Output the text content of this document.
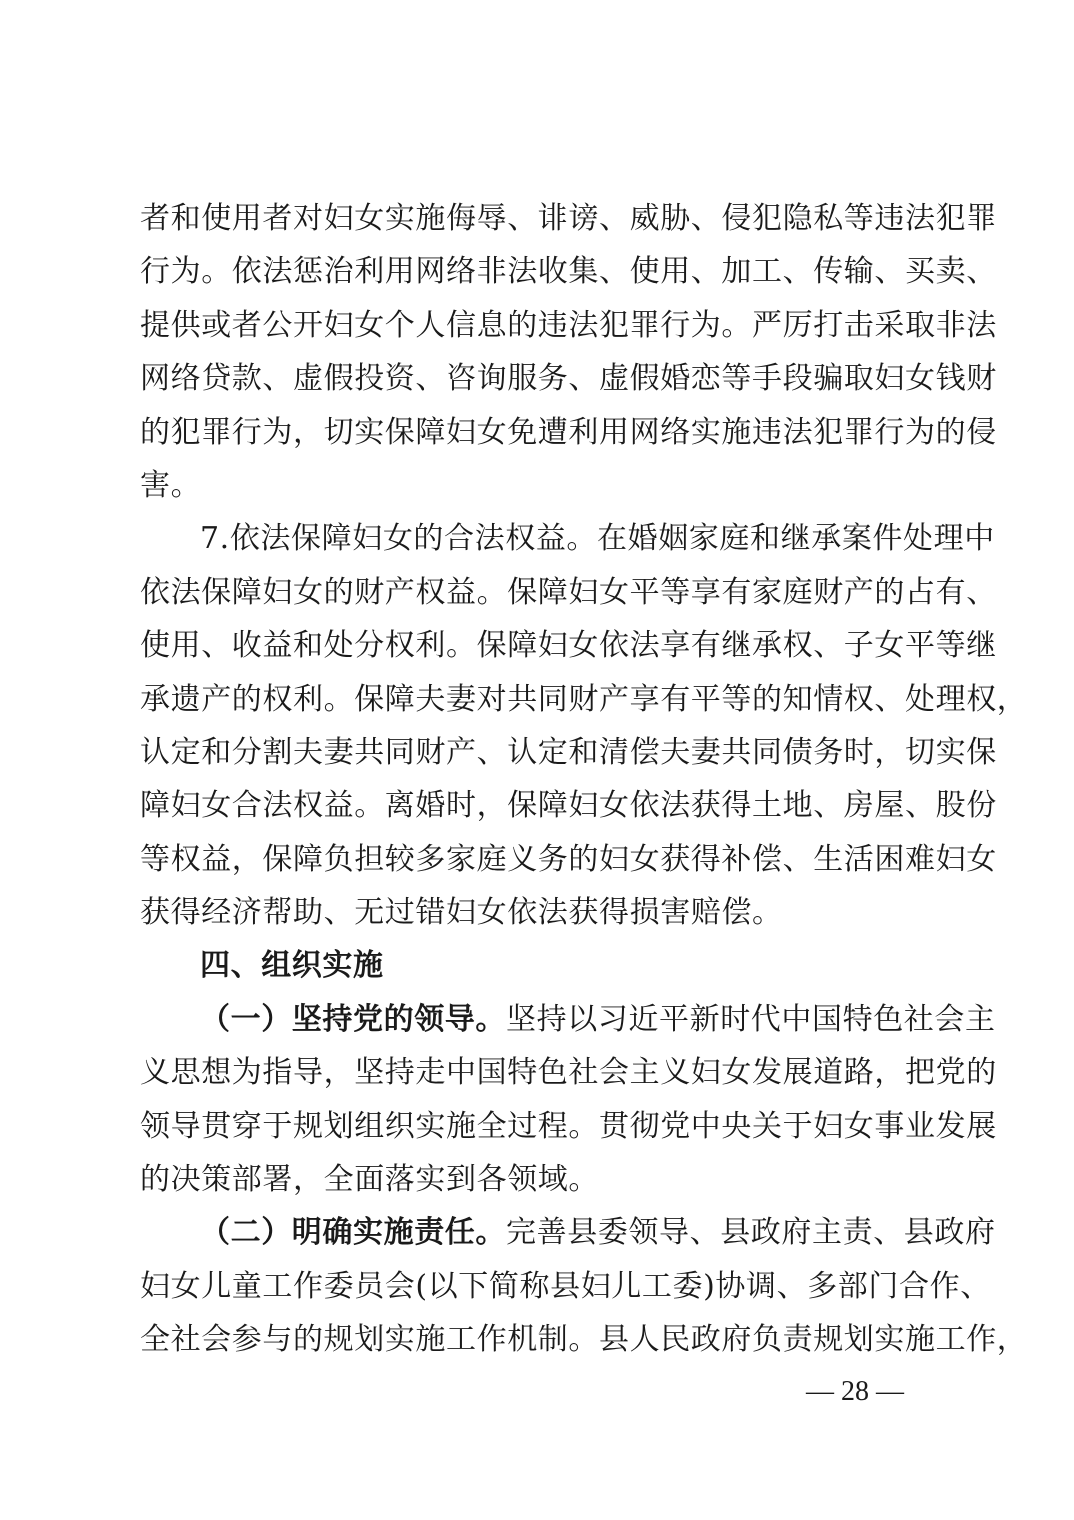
者和使用者对妇女实施侮辱、诽谤、威胁、侵犯隐私等违法犯罪
行为。依法惩治利用网络非法收集、使用、加工、传输、买卖、
提供或者公开妇女个人信息的违法犯罪行为。严厉打击采取非法
网络贷款、虚假投资、咨询服务、虚假婚恋等手段骗取妇女钱财
的犯罪行为，切实保障妇女免遭利用网络实施违法犯罪行为的侵
害。
7.依法保障妇女的合法权益。在婚姻家庭和继承案件处理中
依法保障妇女的财产权益。保障妇女平等享有家庭财产的占有、
使用、收益和处分权利。保障妇女依法享有继承权、子女平等继
承遗产的权利。保障夫妻对共同财产享有平等的知情权、处理权，
认定和分割夫妻共同财产、认定和清偿夫妻共同债务时，切实保
障妇女合法权益。离婚时，保障妇女依法获得土地、房屋、股份
等权益，保障负担较多家庭义务的妇女获得补偿、生活困难妇女
获得经济帮助、无过错妇女依法获得损害赔偿。
四、组织实施
（一）坚持党的领导。坚持以习近平新时代中国特色社会主
义思想为指导，坚持走中国特色社会主义妇女发展道路，把党的
领导贯穿于规划组织实施全过程。贯彻党中央关于妇女事业发展
的决策部署，全面落实到各领域。
（二）明确实施责任。完善县委领导、县政府主责、县政府
妇女儿童工作委员会(以下简称县妇儿工委)协调、多部门合作、
全社会参与的规划实施工作机制。县人民政府负责规划实施工作，
— 28 —
